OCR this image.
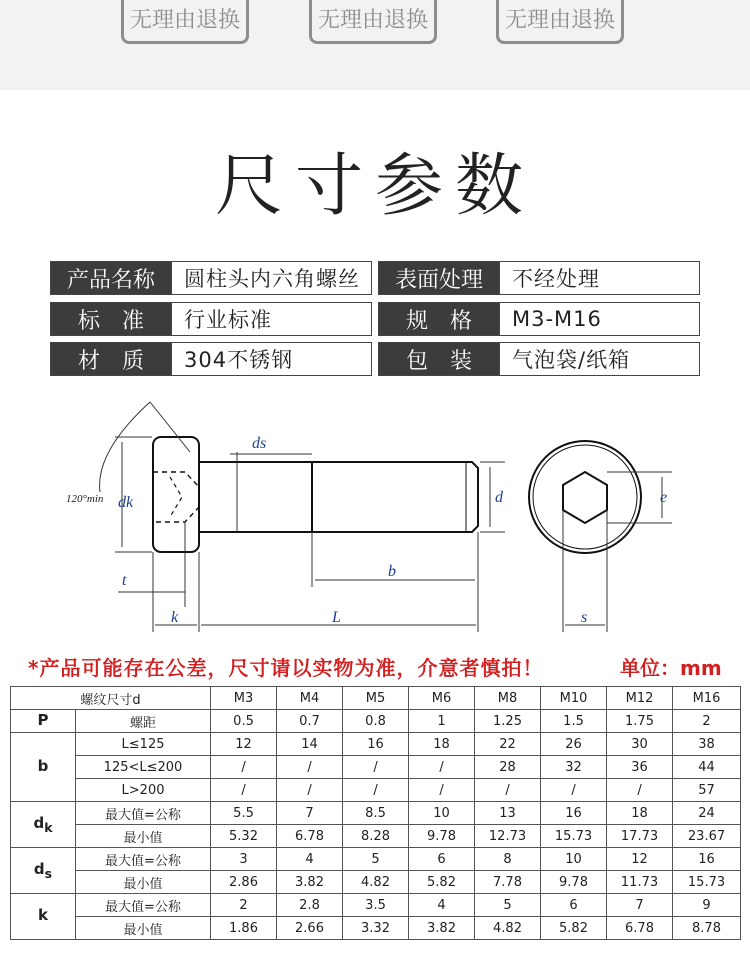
无理由退换	无理由退换	无理由退换
尺寸参数
产品名称	圆柱头内六角螺丝	表面处理	不经处理
标　准	行业标准	规　格	M3-M16
材　质	304不锈钢	包　装	气泡袋/纸箱
120°min dk
ds
d	e
t
b
k	L	s
*产品可能存在公差，尺寸请以实物为准，介意者慎拍！	单位：mm
螺纹尺寸d		M3	M4	M5	M6	M8	M10	M12	M16
P	螺距	0.5	0.7	0.8	1	1.25	1.5	1.75	2
b	L≤125	12	14	16	18	22	26	30	38
	125<L≤200	/	/	/	/	28	32	36	44
	L>200	/	/	/	/	/	/	/	57
$d_k$	最大值=公称	5.5	7	8.5	10	13	16	18	24
	最小值	5.32	6.78	8.28	9.78	12.73	15.73	17.73	23.67
$d_s$	最大值=公称	3	4	5	6	8	10	12	16
	最小值	2.86	3.82	4.82	5.82	7.78	9.78	11.73	15.73
k	最大值=公称	2	2.8	3.5	4	5	6	7	9
	最小值	1.86	2.66	3.32	3.82	4.82	5.82	6.78	8.78
